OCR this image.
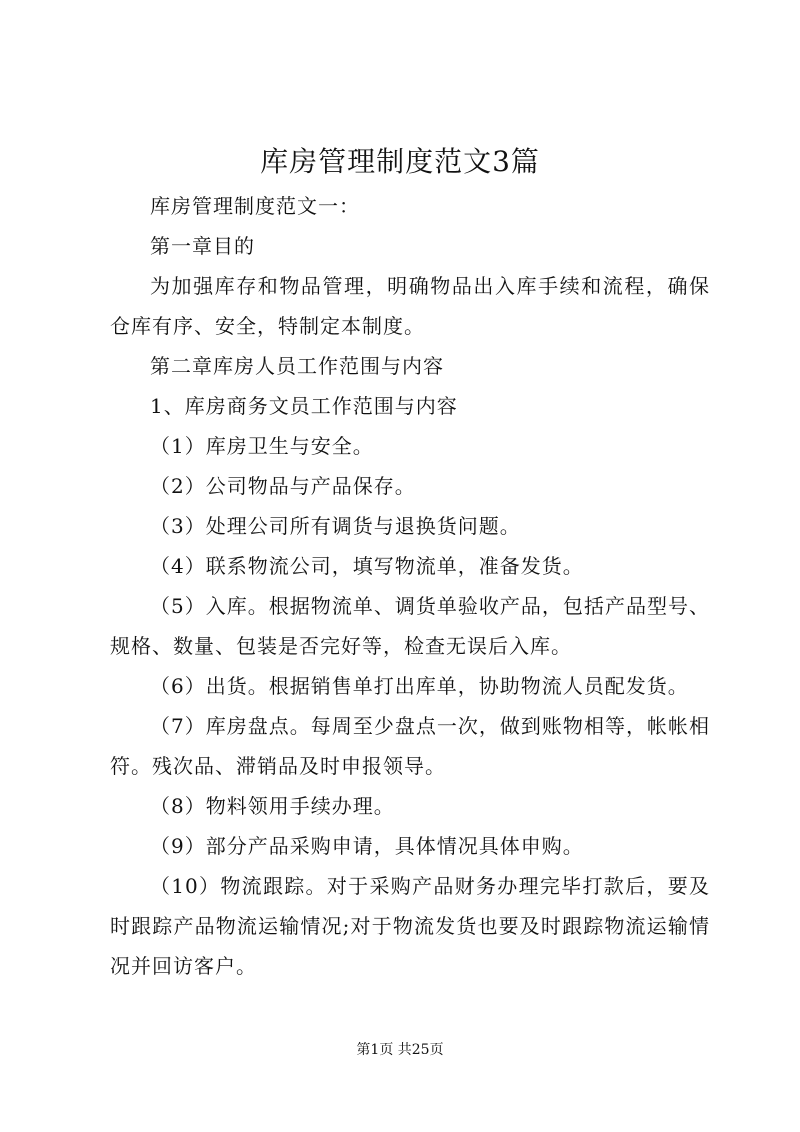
库房管理制度范文3篇

库房管理制度范文一：

第一章目的

为加强库存和物品管理，明确物品出入库手续和流程，确保仓库有序、安全，特制定本制度。

第二章库房人员工作范围与内容

1、库房商务文员工作范围与内容

（1）库房卫生与安全。

（2）公司物品与产品保存。

（3）处理公司所有调货与退换货问题。

（4）联系物流公司，填写物流单，准备发货。

（5）入库。根据物流单、调货单验收产品，包括产品型号、规格、数量、包装是否完好等，检查无误后入库。

（6）出货。根据销售单打出库单，协助物流人员配发货。

（7）库房盘点。每周至少盘点一次，做到账物相等，帐帐相符。残次品、滞销品及时申报领导。

（8）物料领用手续办理。

（9）部分产品采购申请，具体情况具体申购。

（10）物流跟踪。对于采购产品财务办理完毕打款后，要及时跟踪产品物流运输情况;对于物流发货也要及时跟踪物流运输情况并回访客户。

第1页 共25页
